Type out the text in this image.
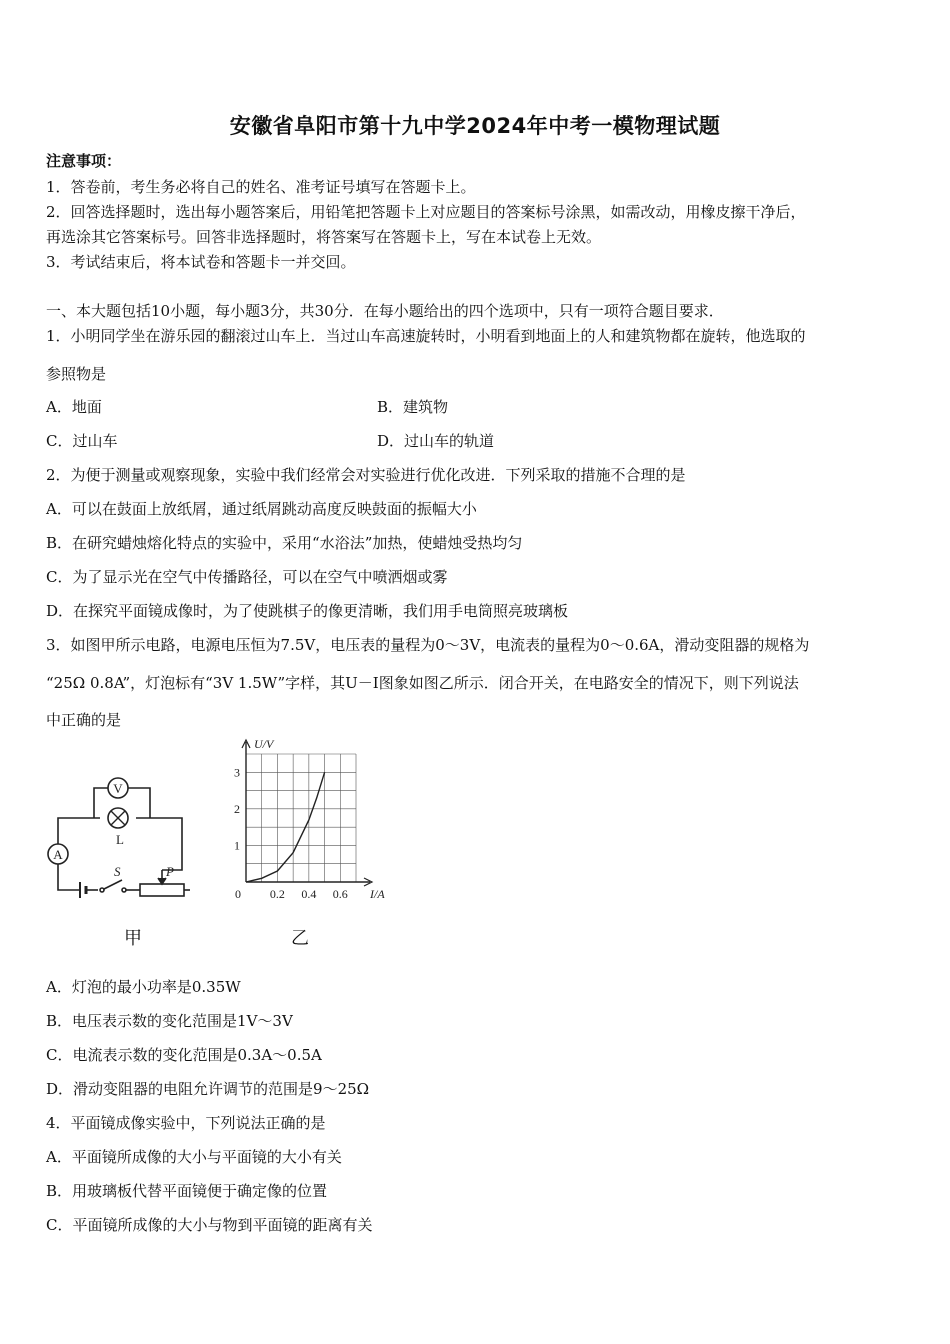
安徽省阜阳市第十九中学2024年中考一模物理试题
注意事项：
1．答卷前，考生务必将自己的姓名、准考证号填写在答题卡上。
2．回答选择题时，选出每小题答案后，用铅笔把答题卡上对应题目的答案标号涂黑，如需改动，用橡皮擦干净后，
再选涂其它答案标号。回答非选择题时，将答案写在答题卡上，写在本试卷上无效。
3．考试结束后，将本试卷和答题卡一并交回。
一、本大题包括10小题，每小题3分，共30分．在每小题给出的四个选项中，只有一项符合题目要求．
1．小明同学坐在游乐园的翻滚过山车上．当过山车高速旋转时，小明看到地面上的人和建筑物都在旋转，他选取的
参照物是
A．地面	B．建筑物
C．过山车	D．过山车的轨道
2．为便于测量或观察现象，实验中我们经常会对实验进行优化改进．下列采取的措施不合理的是
A．可以在鼓面上放纸屑，通过纸屑跳动高度反映鼓面的振幅大小
B．在研究蜡烛熔化特点的实验中，采用“水浴法”加热，使蜡烛受热均匀
C．为了显示光在空气中传播路径，可以在空气中喷洒烟或雾
D．在探究平面镜成像时，为了使跳棋子的像更清晰，我们用手电筒照亮玻璃板
3．如图甲所示电路，电源电压恒为7.5V，电压表的量程为0～3V，电流表的量程为0～0.6A，滑动变阻器的规格为
“25Ω 0.8A”，灯泡标有“3V 1.5W”字样，其U－I图象如图乙所示．闭合开关，在电路安全的情况下，则下列说法
中正确的是
V
L
A
S	P
甲
U/V
I/A
0 0.2 0.4 0.6
1
2
3
乙
A．灯泡的最小功率是0.35W
B．电压表示数的变化范围是1V～3V
C．电流表示数的变化范围是0.3A～0.5A
D．滑动变阻器的电阻允许调节的范围是9～25Ω
4．平面镜成像实验中，下列说法正确的是
A．平面镜所成像的大小与平面镜的大小有关
B．用玻璃板代替平面镜便于确定像的位置
C．平面镜所成像的大小与物到平面镜的距离有关
